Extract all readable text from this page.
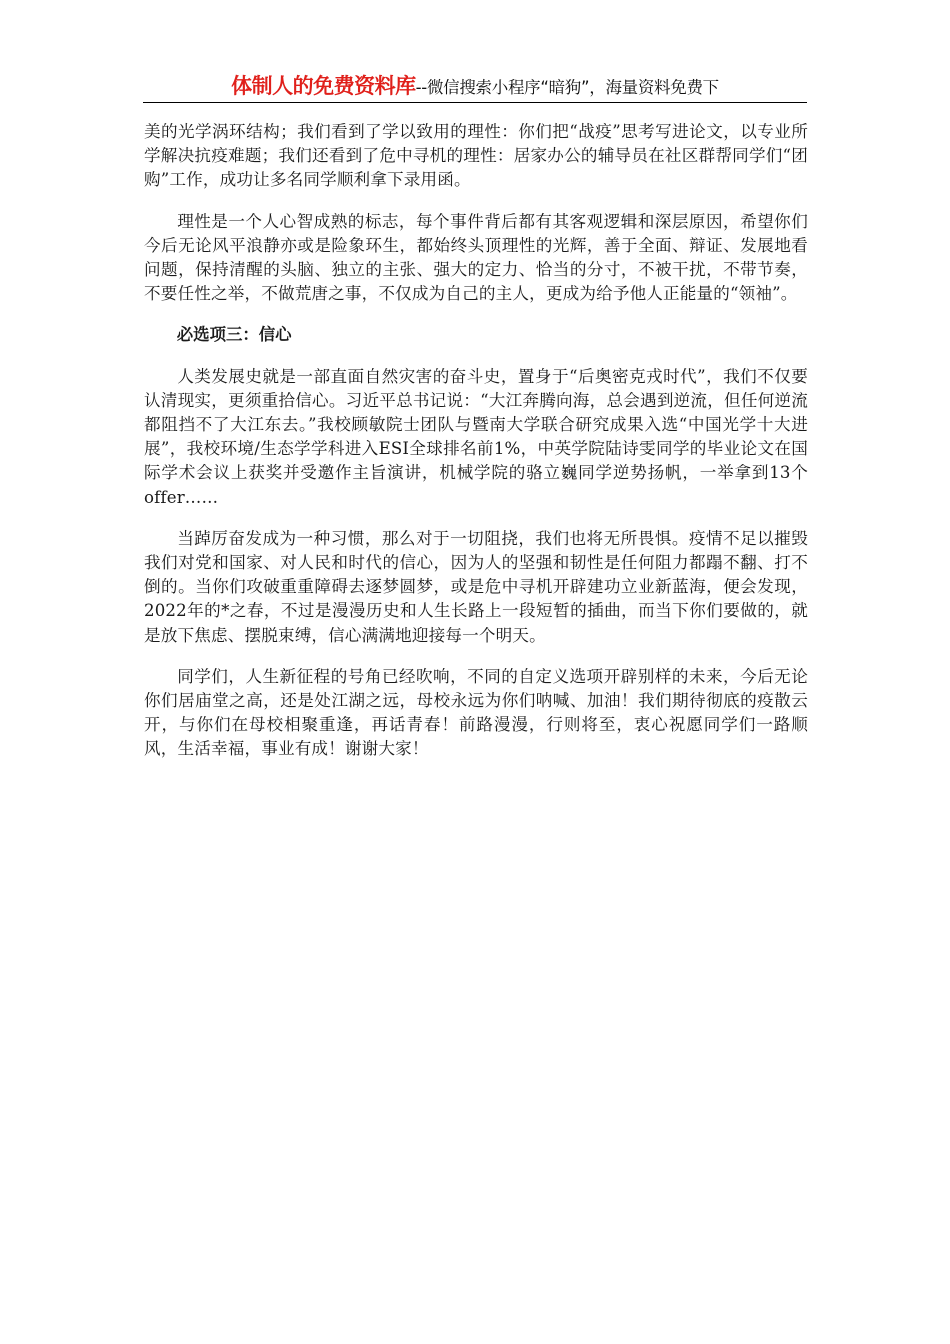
体制人的免费资料库--微信搜索小程序“暗狗”，海量资料免费下

美的光学涡环结构；我们看到了学以致用的理性：你们把“战疫”思考写进论文，以专业所学解决抗疫难题；我们还看到了危中寻机的理性：居家办公的辅导员在社区群帮同学们“团购”工作，成功让多名同学顺利拿下录用函。

理性是一个人心智成熟的标志，每个事件背后都有其客观逻辑和深层原因，希望你们今后无论风平浪静亦或是险象环生，都始终头顶理性的光辉，善于全面、辩证、发展地看问题，保持清醒的头脑、独立的主张、强大的定力、恰当的分寸，不被干扰，不带节奏，不要任性之举，不做荒唐之事，不仅成为自己的主人，更成为给予他人正能量的“领袖”。

必选项三：信心

人类发展史就是一部直面自然灾害的奋斗史，置身于“后奥密克戎时代”，我们不仅要认清现实，更须重拾信心。习近平总书记说：“大江奔腾向海，总会遇到逆流，但任何逆流都阻挡不了大江东去。”我校顾敏院士团队与暨南大学联合研究成果入选“中国光学十大进展”，我校环境/生态学学科进入ESI全球排名前1%，中英学院陆诗雯同学的毕业论文在国际学术会议上获奖并受邀作主旨演讲，机械学院的骆立巍同学逆势扬帆，一举拿到13个offer……

当踔厉奋发成为一种习惯，那么对于一切阻挠，我们也将无所畏惧。疫情不足以摧毁我们对党和国家、对人民和时代的信心，因为人的坚强和韧性是任何阻力都蹋不翻、打不倒的。当你们攻破重重障碍去逐梦圆梦，或是危中寻机开辟建功立业新蓝海，便会发现，2022年的*之春，不过是漫漫历史和人生长路上一段短暂的插曲，而当下你们要做的，就是放下焦虑、摆脱束缚，信心满满地迎接每一个明天。

同学们，人生新征程的号角已经吹响，不同的自定义选项开辟别样的未来，今后无论你们居庙堂之高，还是处江湖之远，母校永远为你们呐喊、加油！我们期待彻底的疫散云开，与你们在母校相聚重逢，再话青春！前路漫漫，行则将至，衷心祝愿同学们一路顺风，生活幸福，事业有成！谢谢大家！
